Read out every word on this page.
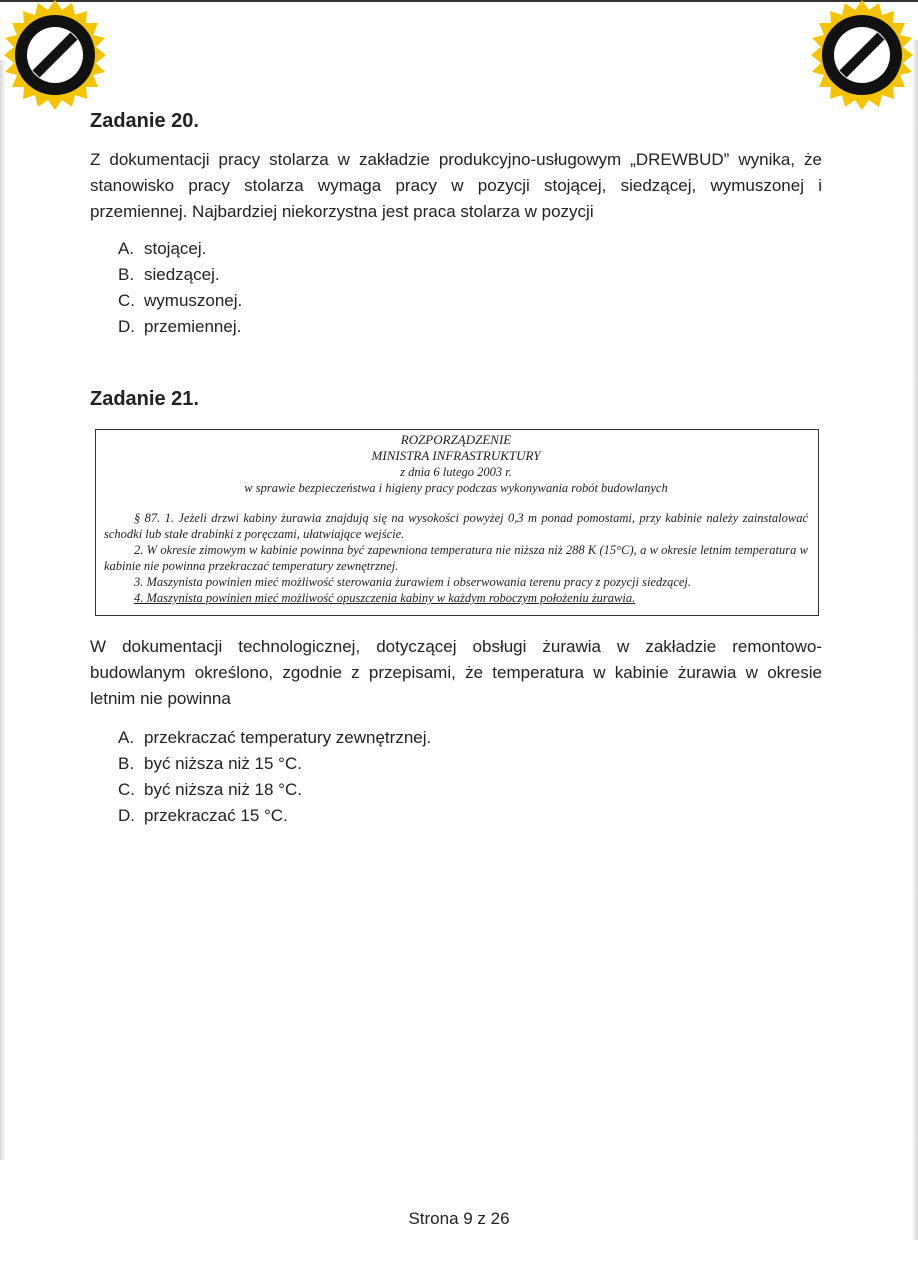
Zadanie 20.
Z dokumentacji pracy stolarza w zakładzie produkcyjno-usługowym „DREWBUD” wynika, że stanowisko pracy stolarza wymaga pracy w pozycji stojącej, siedzącej, wymuszonej i przemiennej. Najbardziej niekorzystna jest praca stolarza w pozycji
A. stojącej.
B. siedzącej.
C. wymuszonej.
D. przemiennej.
Zadanie 21.
ROZPORZĄDZENIE
MINISTRA INFRASTRUKTURY
z dnia 6 lutego 2003 r.
w sprawie bezpieczeństwa i higieny pracy podczas wykonywania robót budowlanych
§ 87. 1. Jeżeli drzwi kabiny żurawia znajdują się na wysokości powyżej 0,3 m ponad pomostami, przy kabinie należy zainstalować schodki lub stałe drabinki z poręczami, ułatwiające wejście.
2. W okresie zimowym w kabinie powinna być zapewniona temperatura nie niższa niż 288 K (15°C), a w okresie letnim temperatura w kabinie nie powinna przekraczać temperatury zewnętrznej.
3. Maszynista powinien mieć możliwość sterowania żurawiem i obserwowania terenu pracy z pozycji siedzącej.
4. Maszynista powinien mieć możliwość opuszczenia kabiny w każdym roboczym położeniu żurawia.
W dokumentacji technologicznej, dotyczącej obsługi żurawia w zakładzie remontowo-budowlanym określono, zgodnie z przepisami, że temperatura w kabinie żurawia w okresie letnim nie powinna
A. przekraczać temperatury zewnętrznej.
B. być niższa niż 15 °C.
C. być niższa niż 18 °C.
D. przekraczać 15 °C.
Strona 9 z 26
